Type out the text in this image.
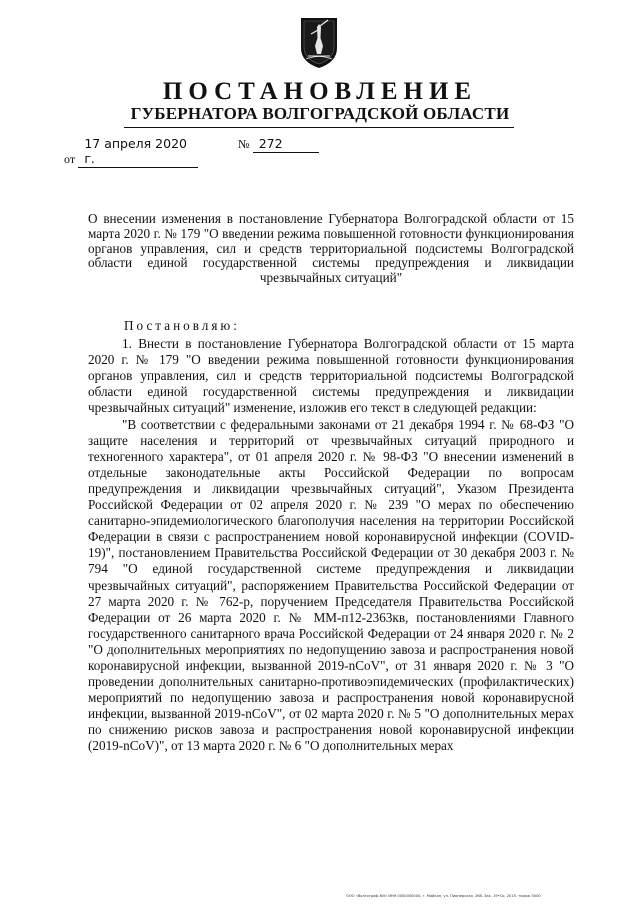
ПОСТАНОВЛЕНИЕ
ГУБЕРНАТОРА ВОЛГОГРАДСКОЙ ОБЛАСТИ
от 17 апреля 2020 г.
№ 272
О внесении изменения в постановление Губернатора Волгоградской области от 15 марта 2020 г. № 179 "О введении режима повышенной готовности функционирования органов управления, сил и средств территориальной подсистемы Волгоградской области единой государственной системы предупреждения и ликвидации чрезвычайных ситуаций"

Постановляю:

1. Внести в постановление Губернатора Волгоградской области от 15 марта 2020 г. № 179 "О введении режима повышенной готовности функционирования органов управления, сил и средств территориальной подсистемы Волгоградской области единой государственной системы предупреждения и ликвидации чрезвычайных ситуаций" изменение, изложив его текст в следующей редакции:

"В соответствии с федеральными законами от 21 декабря 1994 г. № 68-ФЗ "О защите населения и территорий от чрезвычайных ситуаций природного и техногенного характера", от 01 апреля 2020 г. № 98-ФЗ "О внесении изменений в отдельные законодательные акты Российской Федерации по вопросам предупреждения и ликвидации чрезвычайных ситуаций", Указом Президента Российской Федерации от 02 апреля 2020 г. № 239 "О мерах по обеспечению санитарно-эпидемиологического благополучия населения на территории Российской Федерации в связи с распространением новой коронавирусной инфекции (COVID-19)", постановлением Правительства Российской Федерации от 30 декабря 2003 г. № 794 "О единой государственной системе предупреждения и ликвидации чрезвычайных ситуаций", распоряжением Правительства Российской Федерации от 27 марта 2020 г. № 762-р, поручением Председателя Правительства Российской Федерации от 26 марта 2020 г. № ММ-п12-2363кв, постановлениями Главного государственного санитарного врача Российской Федерации от 24 января 2020 г. № 2 "О дополнительных мероприятиях по недопущению завоза и распространения новой коронавирусной инфекции, вызванной 2019-nCoV", от 31 января 2020 г. № 3 "О проведении дополнительных санитарно-противоэпидемических (профилактических) мероприятий по недопущению завоза и распространения новой коронавирусной инфекции, вызванной 2019-nCoV", от 02 марта 2020 г. № 5 "О дополнительных мерах по снижению рисков завоза и распространения новой коронавирусной инфекции (2019-nCoV)", от 13 марта 2020 г. № 6 "О дополнительных мерах

ООО «Волгограф-КИ» ИНН 0000000000, г. Майкоп, ул. Пионерская, 268. Зак. 19•Со, 2015. тираж 5000
